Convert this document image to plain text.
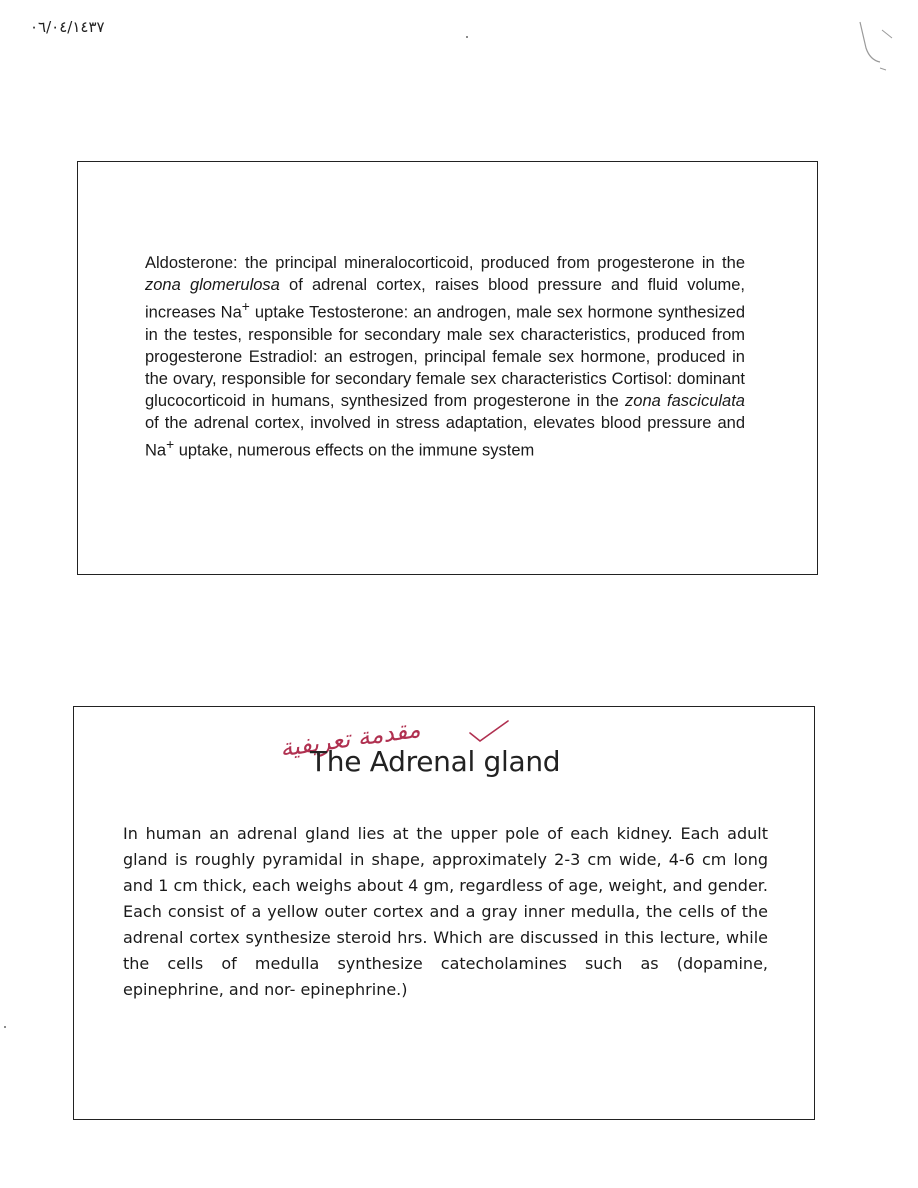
٠٦/٠٤/١٤٣٧
Aldosterone: the principal mineralocorticoid, produced from progesterone in the zona glomerulosa of adrenal cortex, raises blood pressure and fluid volume, increases Na+ uptake Testosterone: an androgen, male sex hormone synthesized in the testes, responsible for secondary male sex characteristics, produced from progesterone Estradiol: an estrogen, principal female sex hormone, produced in the ovary, responsible for secondary female sex characteristics Cortisol: dominant glucocorticoid in humans, synthesized from progesterone in the zona fasciculata of the adrenal cortex, involved in stress adaptation, elevates blood pressure and Na+ uptake, numerous effects on the immune system
مقدمة تعريفية
The Adrenal gland
In human an adrenal gland lies at the upper pole of each kidney. Each adult gland is roughly pyramidal in shape, approximately 2-3 cm wide, 4-6 cm long and 1 cm thick, each weighs about 4 gm, regardless of age, weight, and gender. Each consist of a yellow outer cortex and a gray inner medulla, the cells of the adrenal cortex synthesize steroid hrs. Which are discussed in this lecture, while the cells of medulla synthesize catecholamines such as (dopamine, epinephrine, and nor- epinephrine.)
